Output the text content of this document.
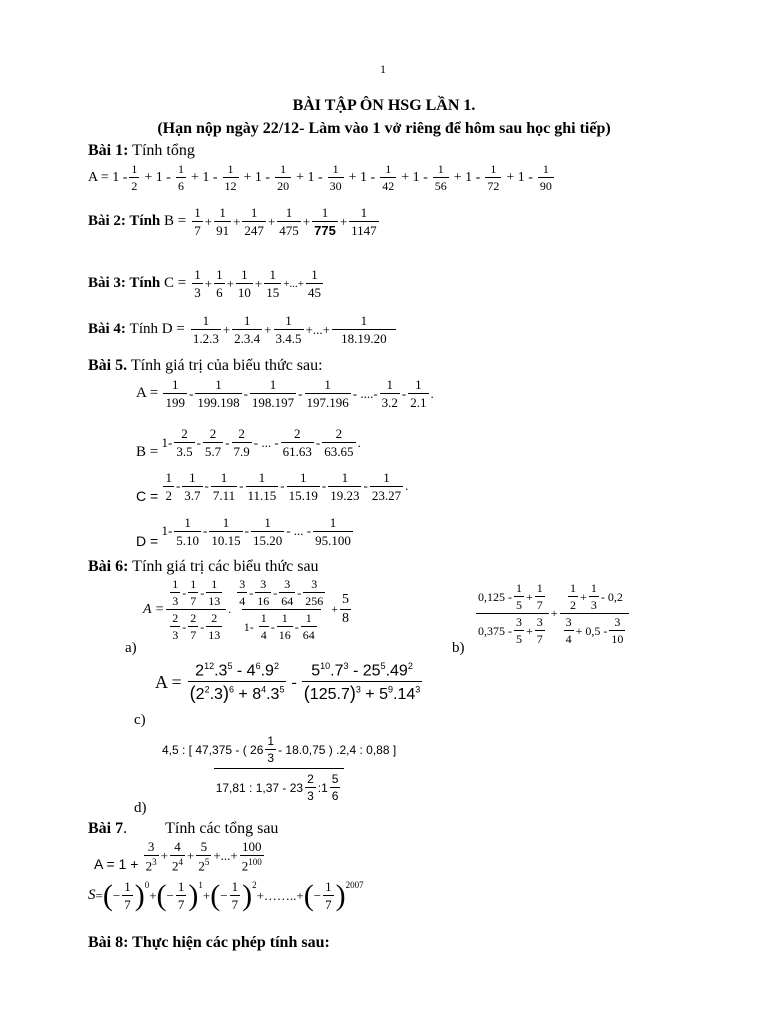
1
BÀI TẬP ÔN HSG LẦN 1.
(Hạn nộp ngày 22/12- Làm vào 1 vở riêng để hôm sau học ghi tiếp)
Bài 1: Tính tổng
A = 1 -
1
2
+ 1 -
1
6
+ 1 -
1
12
+ 1 -
1
20
+ 1 -
1
30
+ 1 -
1
42
+ 1 -
1
56
+ 1 -
1
72
+ 1 -
1
90
Bài 2: Tính
B =
1
7
+
1
91
+
1
247
+
1
475
+
1
775
+
1
1147
Bài 3: Tính
C =
1
3
+
1
6
+
1
10
+
1
15
+...+ $\frac{1}{45}$
Bài 4:
Tính
D =
1
1.2.3
+
1
2.3.4
+
1
3.4.5
+...+ $\frac{1}{18.19.20}$
Bài 5. Tính giá trị của biểu thức sau:
A =
$\frac{1}{199}$ -
1
199.198
-
1
198.197
-
1
197.196
- ....-
1
3.2
-
1
2.1
.
B =

1-
2
3.5
-
2
5.7
-
2
7.9
- ... -
2
61.63
-
2
63.65
.
C =
$\frac{1}{2}$ -
1
3.7
-
1
7.11
-
1
11.15
-
1
15.19
-
1
19.23
-
1
23.27
.
D =

1-
1
5.10
-
1
10.15
-
1
15.20
- ... -
1
95.100
Bài 6: Tính giá trị các biểu thức sau
A = 1
3
-
1
7
-
1
13
2
3
-
2
7
-
2
13 .
3
4
-
3
16
-
3
64
-
3
256
1-
1
4
-
1
16
-
1
64
+
5
8
a)
0,125 -
1
5
+
1
7
0,375 -
3
5
+
3
7
+
1
2
+
1
3
- 0,2
3
4
+ 0,5 -
3
10
b)
A =
$\frac{2^{12}.3^5 - 4^6.9^2}{(2^2.3)^6 + 8^4.3^5}$ -
$5^{10}.7^3 - 25^5.49^2$
$(125.7)^3 + 5^9.14^3$
c)
4,5 : [ 47,375 - ( 26
1
3
- 18.0,75 ) .2,4 : 0,88 ]
17,81 : 1,37 - 23
2
3
:1
5
6
d)
Bài 7. Tính các tổng sau
A = 1 +
$\frac{3}{2^3}$ +
4
$2^4$ +
5
$2^5$ +...+
100
$2^{100}$
S = ( − $\frac{1}{7} )^0$
+ ( − $\frac{1}{7} )^1$
+ ( − $\frac{1}{7} )^2$
+……..+ ( − $\frac{1}{7} )^{2007}$
Bài 8: Thực hiện các phép tính sau:
